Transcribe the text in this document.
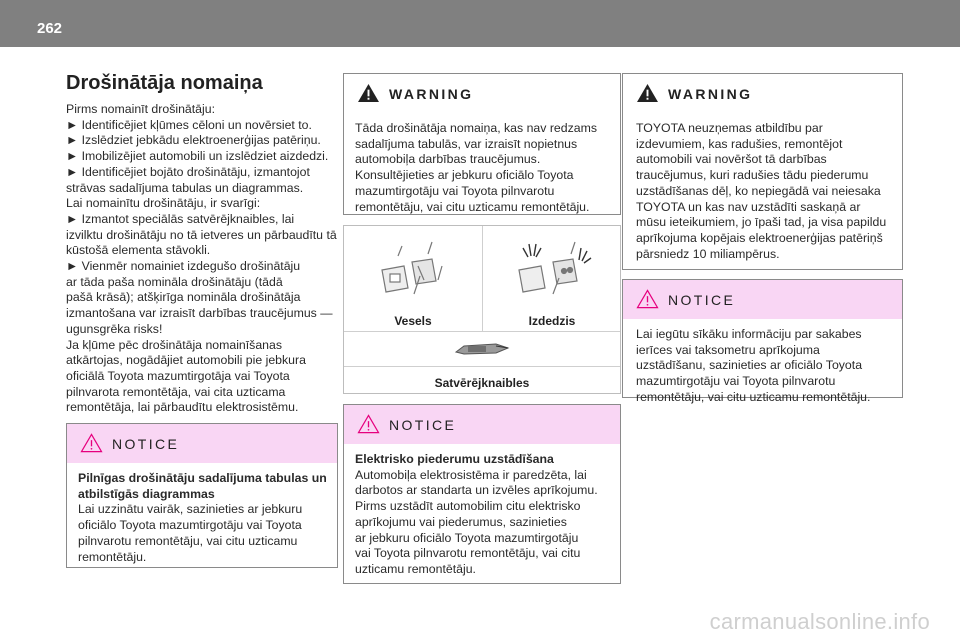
262
Drošinātāja nomaiņa
Pirms nomainīt drošinātāju:
► Identificējiet kļūmes cēloni un novērsiet to.
► Izslēdziet jebkādu elektroenerģijas patēriņu.
► Imobilizējiet automobili un izslēdziet aizdedzi.
► Identificējiet bojāto drošinātāju, izmantojot
strāvas sadalījuma tabulas un diagrammas.
Lai nomainītu drošinātāju, ir svarīgi:
► Izmantot speciālās satvērējknaibles, lai
izvilktu drošinātāju no tā ietveres un pārbaudītu tā
kūstošā elementa stāvokli.
► Vienmēr nomainiet izdegušo drošinātāju
ar tāda paša nomināla drošinātāju (tādā
pašā krāsā); atšķirīga nomināla drošinātāja
izmantošana var izraisīt darbības traucējumus —
ugunsgrēka risks!
Ja kļūme pēc drošinātāja nomainīšanas
atkārtojas, nogādājiet automobili pie jebkura
oficiālā Toyota mazumtirgotāja vai Toyota
pilnvarota remontētāja, vai cita uzticama
remontētāja, lai pārbaudītu elektrosistēmu.
NOTICE
Pilnīgas drošinātāju sadalījuma tabulas un
atbilstīgās diagrammas
Lai uzzinātu vairāk, sazinieties ar jebkuru
oficiālo Toyota mazumtirgotāju vai Toyota
pilnvarotu remontētāju, vai citu uzticamu
remontētāju.
WARNING
Tāda drošinātāja nomaiņa, kas nav redzams
sadalījuma tabulās, var izraisīt nopietnus
automobiļa darbības traucējumus.
Konsultējieties ar jebkuru oficiālo Toyota
mazumtirgotāju vai Toyota pilnvarotu
remontētāju, vai citu uzticamu remontētāju.
Vesels	Izdedzis
Satvērējknaibles
NOTICE
Elektrisko piederumu uzstādīšana
Automobiļa elektrosistēma ir paredzēta, lai
darbotos ar standarta un izvēles aprīkojumu.
Pirms uzstādīt automobilim citu elektrisko
aprīkojumu vai piederumus, sazinieties
ar jebkuru oficiālo Toyota mazumtirgotāju
vai Toyota pilnvarotu remontētāju, vai citu
uzticamu remontētāju.
WARNING
TOYOTA neuzņemas atbildību par
izdevumiem, kas radušies, remontējot
automobili vai novēršot tā darbības
traucējumus, kuri radušies tādu piederumu
uzstādīšanas dēļ, ko nepiegādā vai neiesaka
TOYOTA un kas nav uzstādīti saskaņā ar
mūsu ieteikumiem, jo īpaši tad, ja visa papildu
aprīkojuma kopējais elektroenerģijas patēriņš
pārsniedz 10 miliampērus.
NOTICE
Lai iegūtu sīkāku informāciju par sakabes
ierīces vai taksometru aprīkojuma
uzstādīšanu, sazinieties ar oficiālo Toyota
mazumtirgotāju vai Toyota pilnvarotu
remontētāju, vai citu uzticamu remontētāju.
carmanualsonline.info
